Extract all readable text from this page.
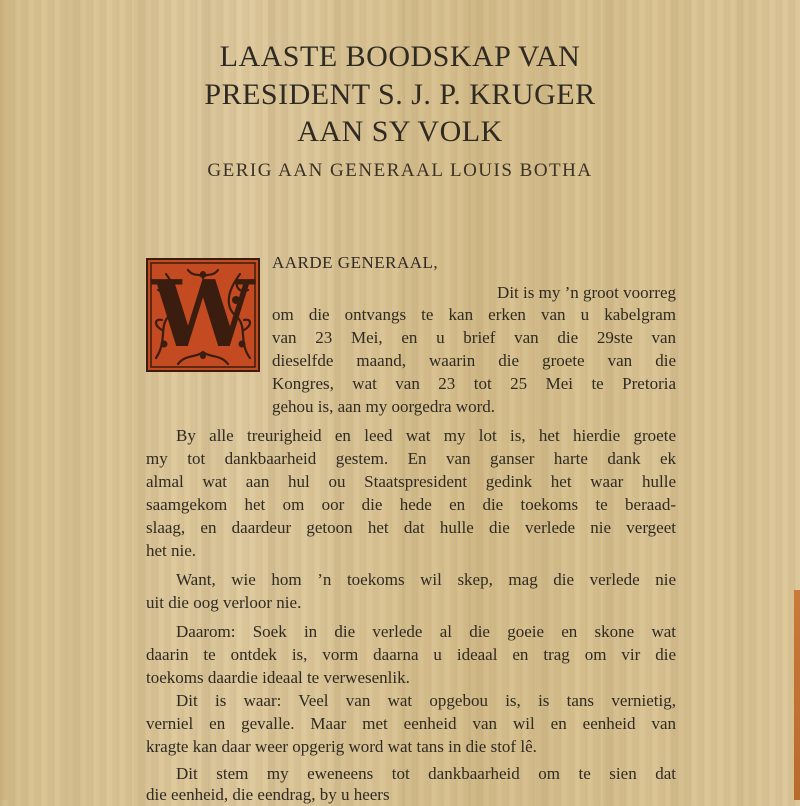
LAASTE BOODSKAP VAN
PRESIDENT S. J. P. KRUGER
AAN SY VOLK
GERIG AAN GENERAAL LOUIS BOTHA
W AARDE GENERAAL,
Dit is my ’n groot voorreg
om die ontvangs te kan erken van u kabelgram
van 23 Mei, en u brief van die 29ste van
dieselfde maand, waarin die groete van die
Kongres, wat van 23 tot 25 Mei te Pretoria
gehou is, aan my oorgedra word.
By alle treurigheid en leed wat my lot is, het hierdie groete
my tot dankbaarheid gestem. En van ganser harte dank ek
almal wat aan hul ou Staatspresident gedink het waar hulle
saamgekom het om oor die hede en die toekoms te beraad-
slaag, en daardeur getoon het dat hulle die verlede nie vergeet
het nie.
Want, wie hom ’n toekoms wil skep, mag die verlede nie
uit die oog verloor nie.
Daarom: Soek in die verlede al die goeie en skone wat
daarin te ontdek is, vorm daarna u ideaal en trag om vir die
toekoms daardie ideaal te verwesenlik.
Dit is waar: Veel van wat opgebou is, is tans vernietig,
verniel en gevalle. Maar met eenheid van wil en eenheid van
kragte kan daar weer opgerig word wat tans in die stof lê.
Dit stem my eweneens tot dankbaarheid om te sien dat
die eenheid, die eendrag, by u heers
